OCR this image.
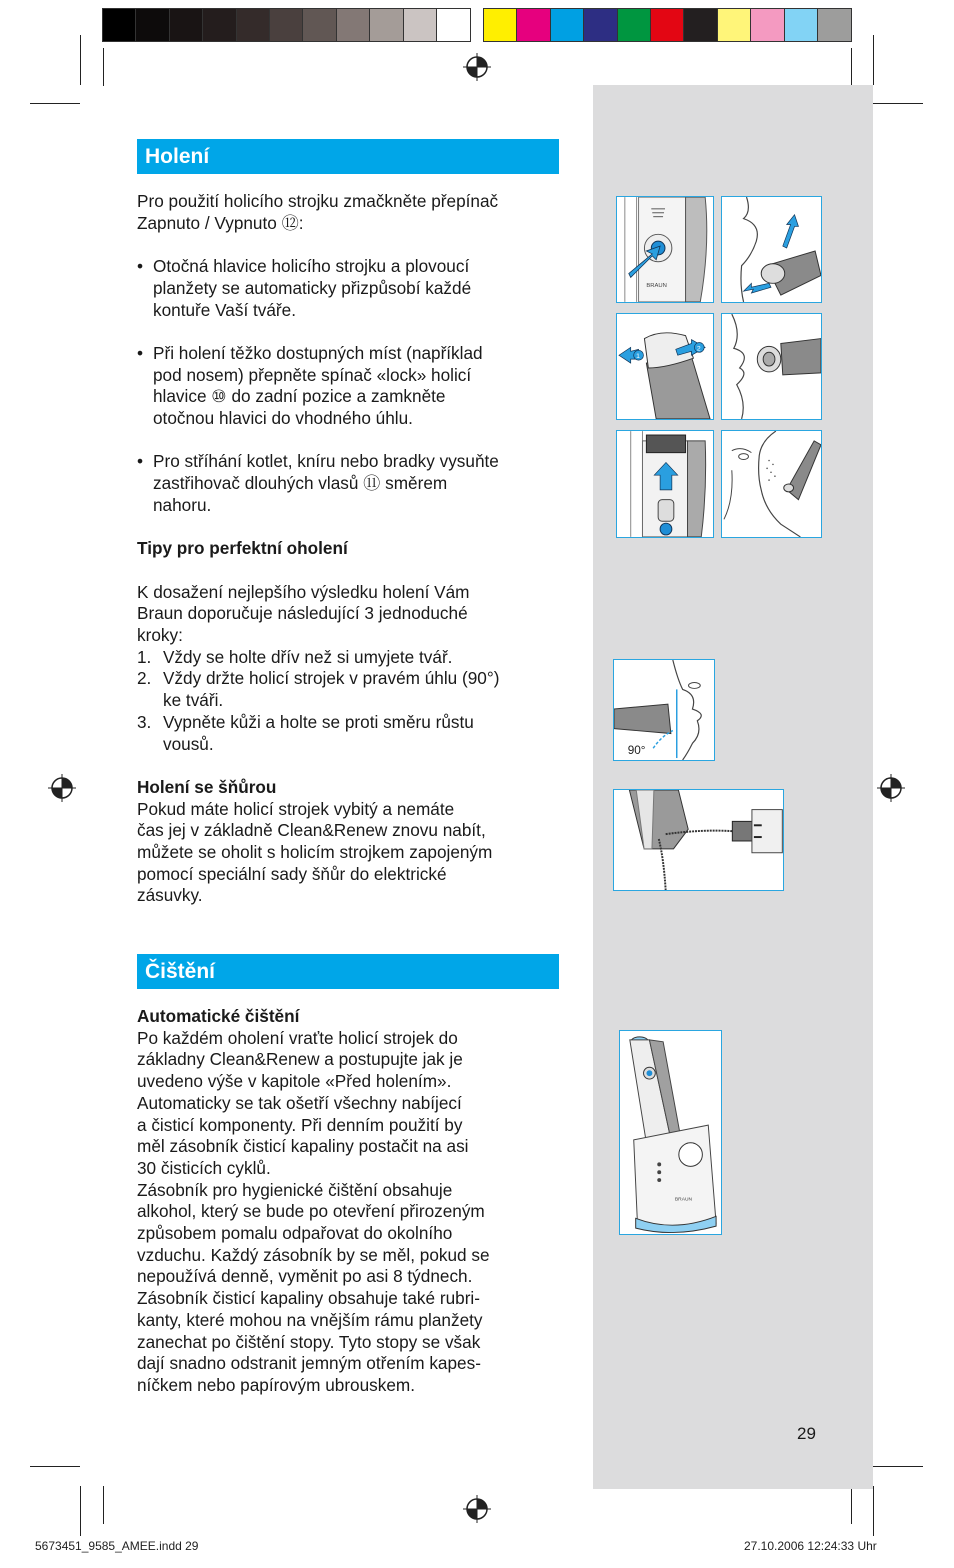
Holení

Pro použití holicího strojku zmačkněte přepínač
Zapnuto / Vypnuto ⑫:

• Otočná hlavice holicího strojku a plovoucí
planžety se automaticky přizpůsobí každé
kontuře Vaší tváře.
• Při holení těžko dostupných míst (například
pod nosem) přepněte spínač «lock» holicí
hlavice ⑩ do zadní pozice a zamkněte
otočnou hlavici do vhodného úhlu.
• Pro stříhání kotlet, kníru nebo bradky vysuňte
zastřihovač dlouhých vlasů ⑪ směrem
nahoru.

Tipy pro perfektní oholení

K dosažení nejlepšího výsledku holení Vám
Braun doporučuje následující 3 jednoduché
kroky:

1. Vždy se holte dřív než si umyjete tvář.
2. Vždy držte holicí strojek v pravém úhlu (90°)
ke tváři.
3. Vypněte kůži a holte se proti směru růstu
vousů.

Holení se šňůrou

Pokud máte holicí strojek vybitý a nemáte
čas jej v základně Clean&Renew znovu nabít,
můžete se oholit s holicím strojkem zapojeným
pomocí speciální sady šňůr do elektrické
zásuvky.

Čištění

Automatické čištění

Po každém oholení vraťte holicí strojek do
základny Clean&Renew a postupujte jak je
uvedeno výše v kapitole «Před holením».
Automaticky se tak ošetří všechny nabíjecí
a čisticí komponenty. Při denním použití by
měl zásobník čisticí kapaliny postačit na asi
30 čisticích cyklů.
Zásobník pro hygienické čištění obsahuje
alkohol, který se bude po otevření přirozeným
způsobem pomalu odpařovat do okolního
vzduchu. Každý zásobník by se měl, pokud se
nepoužívá denně, vyměnit po asi 8 týdnech.
Zásobník čisticí kapaliny obsahuje také rubri-
kanty, které mohou na vnějším rámu planžety
zanechat po čištění stopy. Tyto stopy se však
dají snadno odstranit jemným otřením kapes-
níčkem nebo papírovým ubrouskem.

BRAUN
1
2
90°
BRAUN
29
5673451_9585_AMEE.indd 29	27.10.2006 12:24:33 Uhr
